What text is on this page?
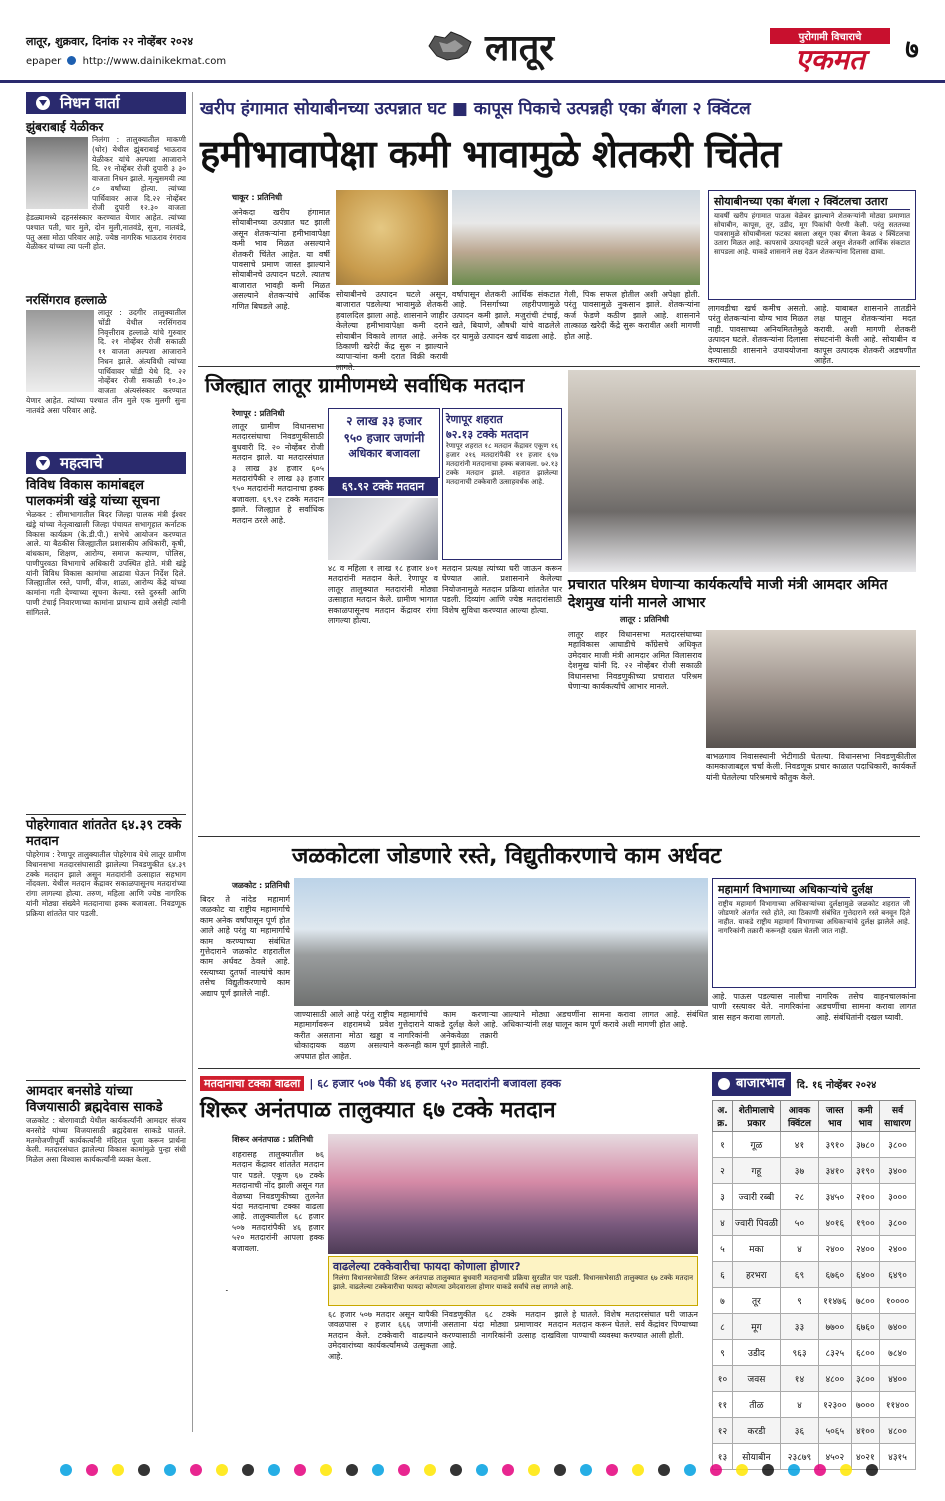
लातूर, शुक्रवार, दिनांक २२ नोव्हेंबर २०२४
epaper http://www.dainikekmat.com	लातूर	पुरोगामी विचाराचे
एकमत	७
निधन वार्ता
झुंबराबाई येळीकर
निलंगा : तालुक्यातील माकणी (थोर) येथील झुंबराबाई भाऊराव येळीकर यांचे अल्पशा आजाराने दि. २१ नोव्हेंबर रोजी दुपारी ३ ३० वाजता निधन झाले. मृत्युसमयी त्या ८० वर्षांच्या होत्या. त्यांच्या पार्थिवावर आज दि.२२ नोव्हेंबर रोजी दुपारी १२.३० वाजता हेडळ्यामध्ये दहनसंस्कार करण्यात येणार आहेत. त्यांच्या पश्चात पती, चार मुले, दोन मुली,नातवंडे, सुना, नातवंडे, पतु असा मोठा परिवार आहे. ज्येष्ठ नागरिक भाऊराव रंगराव येळीकर यांच्या त्या पत्नी होत.
नरसिंगराव हल्लाळे
लातूर : उदगीर तालुक्यातील चोंडी येथील नरसिंगराव निवृत्तीराव हल्लाळे यांचे गुरुवार दि. २१ नोव्हेंबर रोजी सकाळी ११ वाजता अल्पशा आजाराने निधन झाले. अंत्यविधी त्यांच्या पार्थिवावर चोंडी येथे दि. २२ नोव्हेंबर रोजी सकाळी १०.३० वाजता अंत्यसंस्कार करण्यात येणार आहेत. त्यांच्या पश्चात तीन मुले एक मुलगी सुना नातवंडे असा परिवार आहे.
महत्वाचे
विविध विकास कामांबद्दल पालकमंत्री खंड्रे यांच्या सूचना
भेळकर : सीमाभागातील बिदर जिल्हा पालक मंत्री ईश्वर खंड्रे यांच्या नेतृत्वाखाली जिल्हा पंचायत सभागृहात कर्नाटक विकास कार्यक्रम (के.डी.पी.) सभेचे आयोजन करण्यात आले. या बैठकीस जिल्ह्यातील प्रशासकीय अधिकारी, कृषी, बांधकाम, शिक्षण, आरोग्य, समाज कल्याण, पोलिस, पाणीपुरवठा विभागाचे अधिकारी उपस्थित होते. मंत्री खंड्रे यांनी विविध विकास कामांचा आढावा घेऊन निर्देश दिले. जिल्ह्यातील रस्ते, पाणी, वीज, शाळा, आरोग्य केंद्रे यांच्या कामांना गती देण्याच्या सूचना केल्या. रस्ते दुरुस्ती आणि पाणी टंचाई निवारणाच्या कामांना प्राधान्य द्यावे असेही त्यांनी सांगितले.
पोहरेगावात शांततेत ६४.३९ टक्के मतदान
पोहरेगाव : रेणापूर तालुक्यातील पोहरेगाव येथे लातूर ग्रामीण विधानसभा मतदारसंघासाठी झालेल्या निवडणुकीत ६४.३९ टक्के मतदान झाले असून मतदारांनी उत्साहात सहभाग नोंदवला. येथील मतदान केंद्रावर सकाळपासूनच मतदारांच्या रांगा लागल्या होत्या. तरुण, महिला आणि ज्येष्ठ नागरिक यांनी मोठ्या संख्येने मतदानाचा हक्क बजावला. निवडणूक प्रक्रिया शांततेत पार पडली.
आमदार बनसोडे यांच्या विजयासाठी ब्रह्मदेवास साकडे
जळकोट : बोरगावाडी येथील कार्यकर्त्यांनी आमदार संजय बनसोडे यांच्या विजयासाठी ब्रह्मदेवास साकडे घातले. मतमोजणीपूर्वी कार्यकर्त्यांनी मंदिरात पूजा करून प्रार्थना केली. मतदारसंघात झालेल्या विकास कामांमुळे पुन्हा संधी मिळेल असा विश्वास कार्यकर्त्यांनी व्यक्त केला.
खरीप हंगामात सोयाबीनच्या उत्पन्नात घट ■ कापूस पिकाचे उत्पन्नही एका बॅगला २ क्विंटल
हमीभावापेक्षा कमी भावामुळे शेतकरी चिंतेत
चाकूर : प्रतिनिधी
अनेकदा खरीप हंगामात सोयाबीनच्या उत्पन्नात घट झाली असून शेतकऱ्यांना हमीभावापेक्षा कमी भाव मिळत असल्याने शेतकरी चिंतेत आहेत. या वर्षी पावसाचे प्रमाण जास्त झाल्याने सोयाबीनचे उत्पादन घटले. त्यातच बाजारात भावही कमी मिळत असल्याने शेतकऱ्यांचे आर्थिक गणित बिघडले आहे.
सोयाबीनचे उत्पादन घटले असून, बाजारात पडलेल्या भावामुळे शेतकरी हवालदिल झाला आहे. शासनाने जाहीर केलेल्या हमीभावापेक्षा कमी दराने सोयाबीन विकावे लागत आहे. अनेक ठिकाणी खरेदी केंद्र सुरू न झाल्याने व्यापाऱ्यांना कमी दरात विक्री करावी लागते.
वर्षापासून शेतकरी आर्थिक संकटात आहे. निसर्गाच्या लहरीपणामुळे उत्पादन कमी झाले. मजुरांची टंचाई, खते, बियाणे, औषधी यांचे वाढलेले दर यामुळे उत्पादन खर्च वाढला आहे.
गेली, पिक सफल होतील अशी अपेक्षा होती. परंतु पावसामुळे नुकसान झाले. शेतकऱ्यांना कर्ज फेडणे कठीण झाले आहे. शासनाने तात्काळ खरेदी केंद्रे सुरू करावीत अशी मागणी होत आहे.
सोयाबीनच्या एका बॅगला २ क्विंटलचा उतारा
यावर्षी खरीप हंगामात पाऊस वेळेवर झाल्याने शेतकऱ्यांनी मोठ्या प्रमाणात सोयाबीन, कापूस, तूर, उडीद, मूग पिकांची पेरणी केली. परंतु सततच्या पावसामुळे सोयाबीनला फटका बसला असून एका बॅगला केवळ २ क्विंटलचा उतारा मिळत आहे. कापसाचे उत्पादनही घटले असून शेतकरी आर्थिक संकटात सापडला आहे. याकडे शासनाने लक्ष देऊन शेतकऱ्यांना दिलासा द्यावा.
लागवडीचा खर्च कमीच असतो. परंतु शेतकऱ्यांना योग्य भाव मिळत नाही. पावसाच्या अनियमिततेमुळे उत्पादन घटले. शेतकऱ्यांना दिलासा देण्यासाठी शासनाने उपाययोजना कराव्यात.
आहे. याबाबत शासनाने तातडीने लक्ष घालून शेतकऱ्यांना मदत करावी. अशी मागणी शेतकरी संघटनांनी केली आहे. सोयाबीन व कापूस उत्पादक शेतकरी अडचणीत आहेत.
जिल्ह्यात लातूर ग्रामीणमध्ये सर्वाधिक मतदान
रेणापूर : प्रतिनिधी
लातूर ग्रामीण विधानसभा मतदारसंघाचा निवडणुकीसाठी बुधवारी दि. २० नोव्हेंबर रोजी मतदान झाले. या मतदारसंघात ३ लाख ३४ हजार ६०५ मतदारांपैकी २ लाख ३३ हजार ९५० मतदारांनी मतदानाचा हक्क बजावला. ६९.९२ टक्के मतदान झाले. जिल्ह्यात हे सर्वाधिक मतदान ठरले आहे.
२ लाख ३३ हजार
९५० हजार जणांनी
अधिकार बजावला
६९.९२ टक्के मतदान
रेणापूर शहरात
७२.१३ टक्के मतदान
रेणापूर शहरात १८ मतदान केंद्रावर एकूण १६ हजार २१६ मतदारांपैकी ११ हजार ६९७ मतदारांनी मतदानाचा हक्क बजावला. ७२.१३ टक्के मतदान झाले. शहरात झालेल्या मतदानाची टक्केवारी उत्साहवर्धक आहे.
४८ व महिला १ लाख १८ हजार ४०१ मतदारांनी मतदान केले. रेणापूर व लातूर तालुक्यात मतदारांनी मोठ्या उत्साहात मतदान केले. ग्रामीण भागात सकाळपासूनच मतदान केंद्रावर रांगा लागल्या होत्या.
मतदान प्रत्यक्ष त्यांच्या घरी जाऊन करून घेण्यात आले. प्रशासनाने केलेल्या नियोजनामुळे मतदान प्रक्रिया शांततेत पार पडली. दिव्यांग आणि ज्येष्ठ मतदारांसाठी विशेष सुविधा करण्यात आल्या होत्या.
प्रचारात परिश्रम घेणाऱ्या कार्यकर्त्यांचे माजी मंत्री आमदार अमित देशमुख यांनी मानले आभार
लातूर : प्रतिनिधी
लातूर शहर विधानसभा मतदारसंघाच्या महाविकास आघाडीचे काँग्रेसचे अधिकृत उमेदवार माजी मंत्री आमदार अमित विलासराव देशमुख यांनी दि. २२ नोव्हेंबर रोजी सकाळी विधानसभा निवडणुकीच्या प्रचारात परिश्रम घेणाऱ्या कार्यकर्त्यांचे आभार मानले.
बाभळगाव निवासस्थानी भेटीगाठी घेतल्या. विधानसभा निवडणुकीतील कामकाजाबद्दल चर्चा केली. निवडणूक प्रचार काळात पदाधिकारी, कार्यकर्ते यांनी घेतलेल्या परिश्रमाचे कौतुक केले.
जळकोटला जोडणारे रस्ते, विद्युतीकरणाचे काम अर्धवट
जळकोट : प्रतिनिधी
बिदर ते नांदेड महामार्ग जळकोट या राष्ट्रीय महामार्गाचे काम अनेक वर्षांपासून पूर्ण होत आले आहे परंतु या महामार्गाचे काम करण्याच्या संबंधित गुत्तेदाराने जळकोट शहरातील काम अर्धवट ठेवले आहे. रस्त्याच्या दुतर्फा नाल्यांचे काम तसेच विद्युतीकरणाचे काम अद्याप पूर्ण झालेले नाही.
जाण्यासाठी आले आहे परंतु राष्ट्रीय महामार्गावरून शहरामध्ये प्रवेश करीत असताना मोठा खड्डा व धोकादायक वळण असल्याने अपघात होत आहेत.
महामार्गाचे काम करणाऱ्या गुत्तेदाराने याकडे दुर्लक्ष केले आहे. नागरिकांनी अनेकवेळा तक्रारी करूनही काम पूर्ण झालेले नाही.
आल्याने मोठ्या अडचणींना सामना करावा लागत आहे. संबंधित अधिकाऱ्यांनी लक्ष घालून काम पूर्ण करावे अशी मागणी होत आहे.
महामार्ग विभागाच्या अधिकाऱ्यांचे दुर्लक्ष
राष्ट्रीय महामार्ग विभागाच्या अधिकाऱ्यांच्या दुर्लक्षामुळे जळकोट शहरात जी जोडणारे अंतर्गत रस्ते होते, त्या ठिकाणी संबंधित गुत्तेदाराने रस्ते बनवून दिले नाहीत. याकडे राष्ट्रीय महामार्ग विभागाच्या अधिकाऱ्यांचे दुर्लक्ष झालेले आहे. नागरिकांनी तक्रारी करूनही दखल घेतली जात नाही.
आहे. पाऊस पडल्यास नालीचा पाणी रस्त्यावर येते. नागरिकांना त्रास सहन करावा लागतो.
नागरिक तसेच वाहनचालकांना अडचणींचा सामना करावा लागत आहे. संबंधितांनी दखल घ्यावी.
मतदानाचा टक्का वाढला | ६८ हजार ५०७ पैकी ४६ हजार ५२० मतदारांनी बजावला हक्क
शिरूर अनंतपाळ तालुक्यात ६७ टक्के मतदान
शिरूर अनंतपाळ : प्रतिनिधी
शहरासह तालुक्यातील ७६ मतदान केंद्रावर शांततेत मतदान पार पडले. एकूण ६७ टक्के मतदानाची नोंद झाली असून गत वेळच्या निवडणुकीच्या तुलनेत यंदा मतदानाचा टक्का वाढला आहे. तालुक्यातील ६८ हजार ५०७ मतदारांपैकी ४६ हजार ५२० मतदारांनी आपला हक्क बजावला.
वाढलेल्या टक्केवारीचा फायदा कोणाला होणार?
निलंगा विधानसभेसाठी शिरूर अनंतपाळ तालुक्यात बुधवारी मतदानाची प्रक्रिया सुरळीत पार पडली. विधानसभेसाठी तालुक्यात ६७ टक्के मतदान झाले. वाढलेल्या टक्केवारीचा फायदा कोणत्या उमेदवाराला होणार याकडे सर्वांचे लक्ष लागले आहे.
६८ हजार ५०७ मतदार असून यापैकी जवळपास २ हजार ६६६ जणांनी मतदान केले. टक्केवारी वाढल्याने उमेदवारांच्या कार्यकर्त्यांमध्ये उत्सुकता आहे.
निवडणुकीत ६८ टक्के मतदान झाले असताना यंदा मोठ्या प्रमाणावर मतदान करण्यासाठी नागरिकांनी उत्साह दाखविला आहे.
हे घातले. विशेष मतदारसंघात घरी जाऊन मतदान करून घेतले. सर्व केंद्रांवर पिण्याच्या पाण्याची व्यवस्था करण्यात आली होती.
बाजारभाव दि. १६ नोव्हेंबर २०२४
अ. क्र.	शेतीमालाचे प्रकार	आवक क्विंटल	जास्त भाव	कमी भाव	सर्व साधारण
१	गूळ	४१	३९१०	३७८०	३८००
२	गहू	३७	३४१०	३१९०	३४००
३	ज्वारी रब्बी	२८	३४५०	२१००	३०००
४	ज्वारी पिवळी	५०	४०१६	१९००	३८००
५	मका	४	२४००	२४००	२४००
६	हरभरा	६९	६७६०	६४००	६४९०
७	तूर	९	११४७६	७८००	१००००
८	मूग	३३	७७००	६७६०	७४००
९	उडीद	९६३	८३२५	६८००	७८४०
१०	जवस	१४	४८००	३८००	४४००
११	तीळ	४	१२३००	७०००	११४००
१२	करडी	३६	५०६५	४१००	४८००
१३	सोयाबीन	२३८७९	४५०२	४०२१	४३१५
